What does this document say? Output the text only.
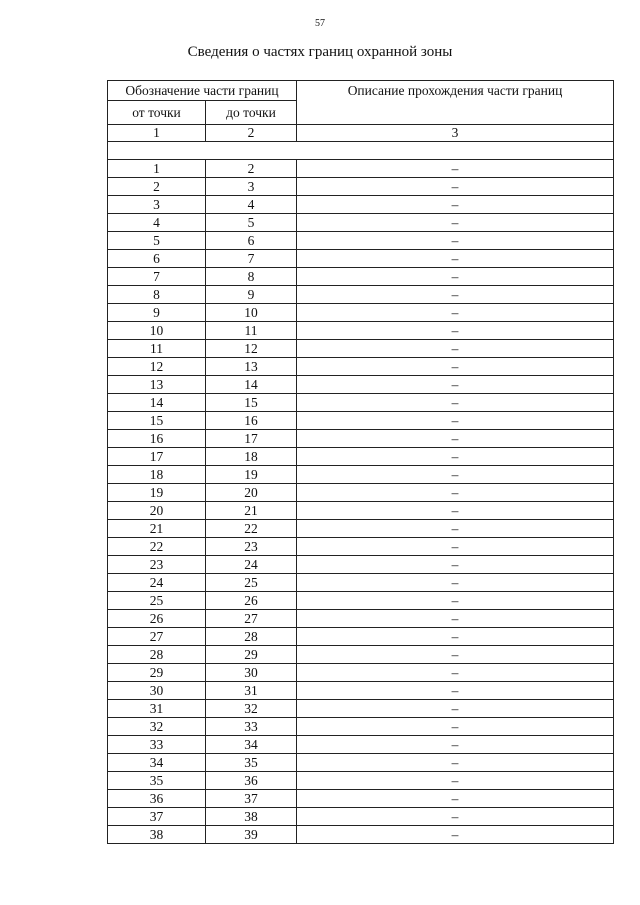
57
Сведения о частях границ охранной зоны
Обозначение части границ		Описание прохождения части границ
от точки	до точки	
1	2	3

1	2	–
2	3	–
3	4	–
4	5	–
5	6	–
6	7	–
7	8	–
8	9	–
9	10	–
10	11	–
11	12	–
12	13	–
13	14	–
14	15	–
15	16	–
16	17	–
17	18	–
18	19	–
19	20	–
20	21	–
21	22	–
22	23	–
23	24	–
24	25	–
25	26	–
26	27	–
27	28	–
28	29	–
29	30	–
30	31	–
31	32	–
32	33	–
33	34	–
34	35	–
35	36	–
36	37	–
37	38	–
38	39	–
